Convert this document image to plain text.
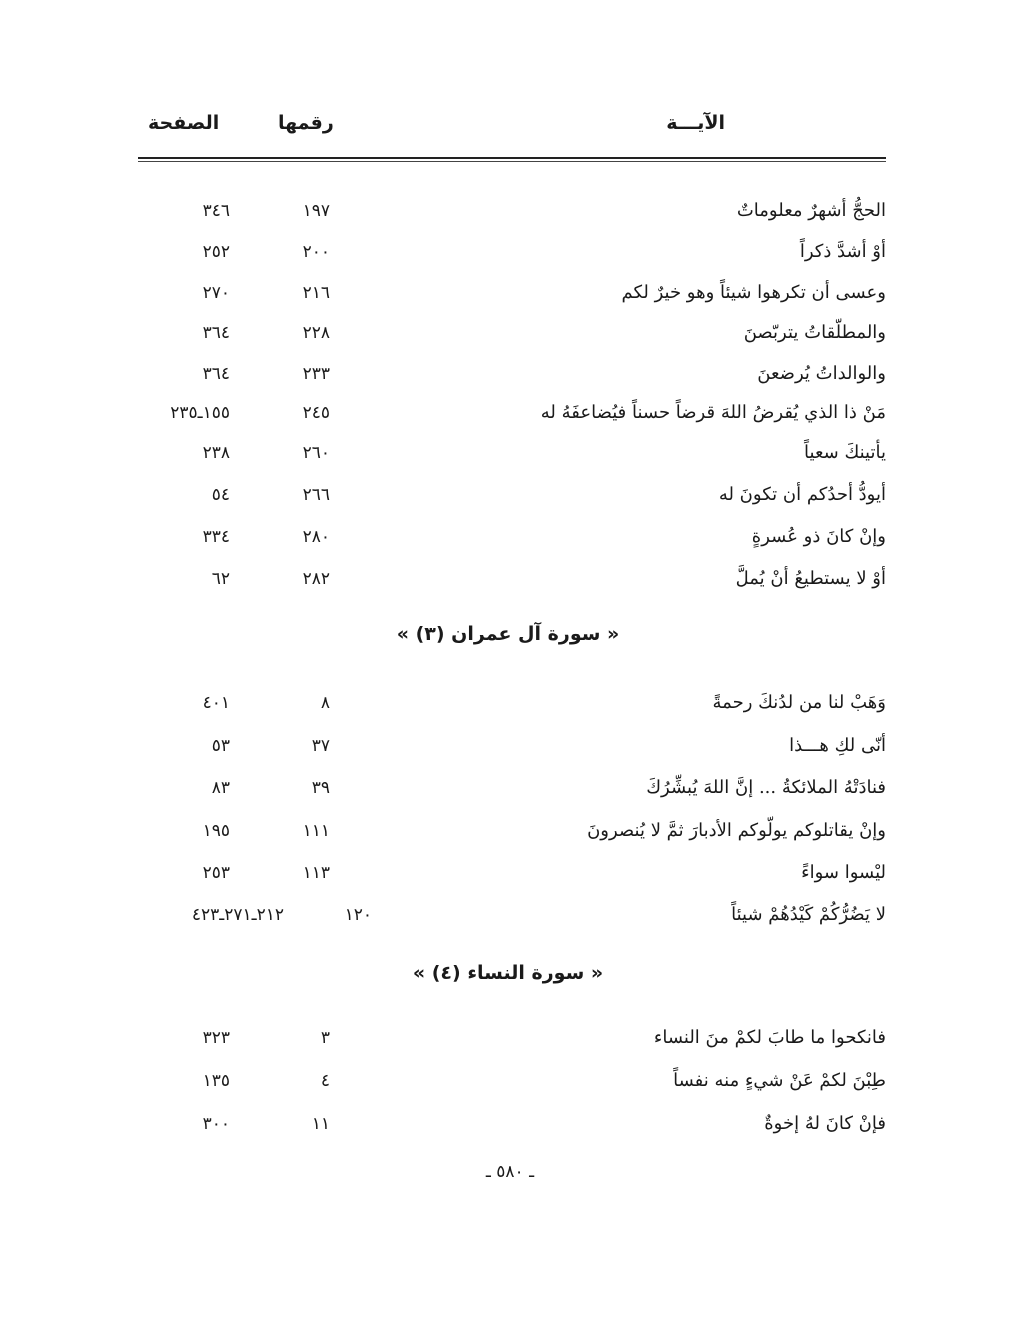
الآيـــة
رقمها
الصفحة
الحجُّ أشهرٌ معلوماتٌ
١٩٧
٣٤٦
أوْ أشدَّ ذكراً
٢٠٠
٢٥٢
وعسى أن تكرهوا شيئاً وهو خيرٌ لكم
٢١٦
٢٧٠
والمطلّقاتُ يتربّصنَ
٢٢٨
٣٦٤
والوالداتُ يُرضعنَ
٢٣٣
٣٦٤
مَنْ ذا الذي يُقرضُ اللهَ قرضاً حسناً فيُضاعفَهُ له
٢٤٥
١٥٥ـ٢٣٥
يأتينكَ سعياً
٢٦٠
٢٣٨
أيودُّ أحدُكم أن تكونَ له
٢٦٦
٥٤
وإنْ كانَ ذو عُسرةٍ
٢٨٠
٣٣٤
أوْ لا يستطيعُ أنْ يُملَّ
٢٨٢
٦٢
« سورة آل عمران (٣) »
وَهَبْ لنا من لدُنكَ رحمةً
٨
٤٠١
أنّى لكِ هـــذا
٣٧
٥٣
فنادَتْهُ الملائكةُ ... إنَّ اللهَ يُبشِّرُكَ
٣٩
٨٣
وإنْ يقاتلوكم يولُّوكم الأدبارَ ثمَّ لا يُنصرونَ
١١١
١٩٥
ليْسوا سواءً
١١٣
٢٥٣
لا يَضُرُّكُمْ كَيْدُهُمْ شيئاً
١٢٠
٢١٢ـ٢٧١ـ٤٢٣
« سورة النساء (٤) »
فانكحوا ما طابَ لكمْ منَ النساء
٣
٣٢٣
طِبْنَ لكمْ عَنْ شيءٍ منه نفساً
٤
١٣٥
فإنْ كانَ لهُ إخوةٌ
١١
٣٠٠
ـ ٥٨٠ ـ
